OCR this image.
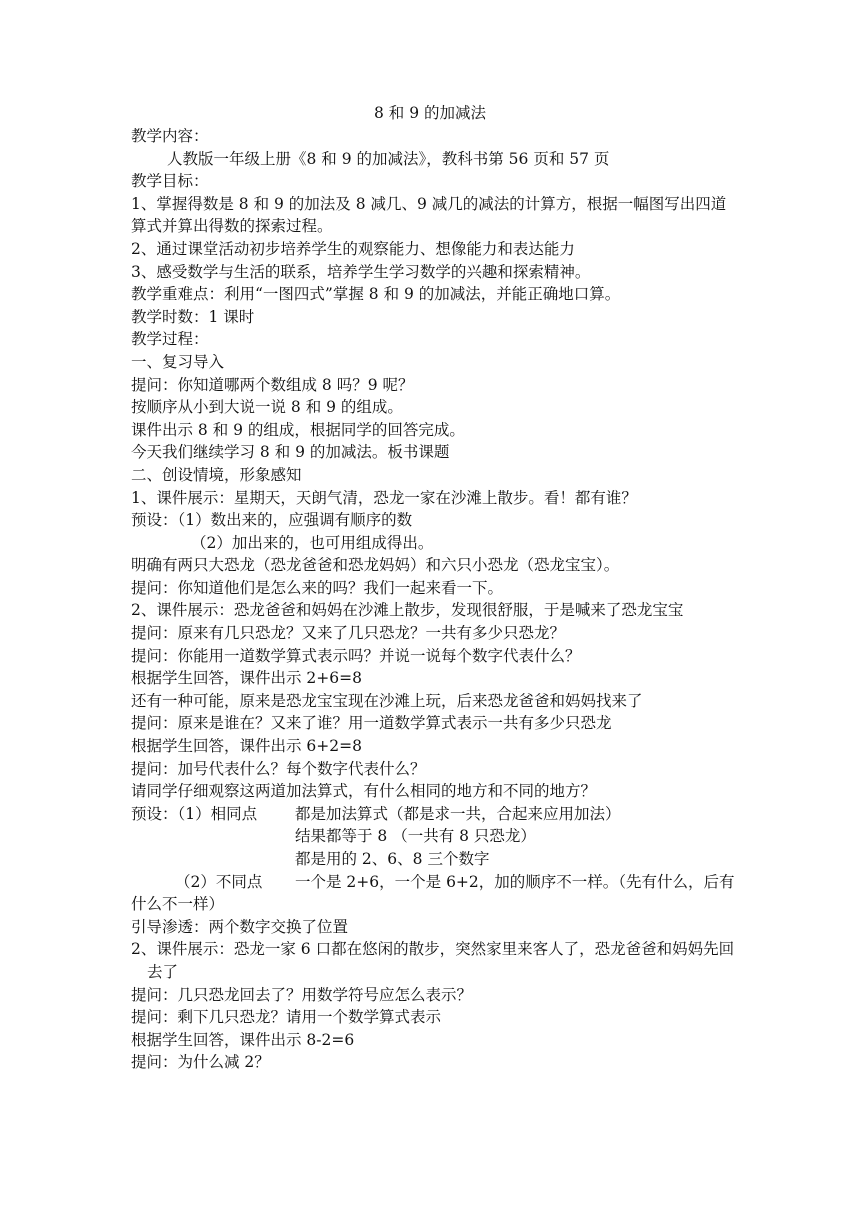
8 和 9 的加减法
教学内容：
人教版一年级上册《8 和 9 的加减法》，教科书第 56 页和 57 页
教学目标：
1、掌握得数是 8 和 9 的加法及 8 减几、9 减几的减法的计算方，根据一幅图写出四道算式并算出得数的探索过程。
2、通过课堂活动初步培养学生的观察能力、想像能力和表达能力
3、感受数学与生活的联系，培养学生学习数学的兴趣和探索精神。
教学重难点：利用“一图四式”掌握 8 和 9 的加减法，并能正确地口算。
教学时数：1 课时
教学过程：
一、复习导入
提问：你知道哪两个数组成 8 吗？9 呢？
按顺序从小到大说一说 8 和 9 的组成。
课件出示 8 和 9 的组成，根据同学的回答完成。
今天我们继续学习 8 和 9 的加减法。板书课题
二、创设情境，形象感知
1、课件展示：星期天，天朗气清，恐龙一家在沙滩上散步。看！都有谁？
预设：（1）数出来的，应强调有顺序的数
（2）加出来的，也可用组成得出。
明确有两只大恐龙（恐龙爸爸和恐龙妈妈）和六只小恐龙（恐龙宝宝）。
提问：你知道他们是怎么来的吗？我们一起来看一下。
2、课件展示：恐龙爸爸和妈妈在沙滩上散步，发现很舒服，于是喊来了恐龙宝宝
提问：原来有几只恐龙？又来了几只恐龙？一共有多少只恐龙？
提问：你能用一道数学算式表示吗？并说一说每个数字代表什么？
根据学生回答，课件出示 2+6=8
还有一种可能，原来是恐龙宝宝现在沙滩上玩，后来恐龙爸爸和妈妈找来了
提问：原来是谁在？又来了谁？用一道数学算式表示一共有多少只恐龙
根据学生回答，课件出示 6+2=8
提问：加号代表什么？每个数字代表什么？
请同学仔细观察这两道加法算式，有什么相同的地方和不同的地方？
预设：（1）相同点 都是加法算式（都是求一共，合起来应用加法）
结果都等于 8 （一共有 8 只恐龙）
都是用的 2、6、8 三个数字
（2）不同点 一个是 2+6，一个是 6+2，加的顺序不一样。（先有什么，后有什么不一样）
引导渗透：两个数字交换了位置
2、课件展示：恐龙一家 6 口都在悠闲的散步，突然家里来客人了，恐龙爸爸和妈妈先回去了
提问：几只恐龙回去了？用数学符号应怎么表示？
提问：剩下几只恐龙？请用一个数学算式表示
根据学生回答，课件出示 8-2=6
提问：为什么减 2？
